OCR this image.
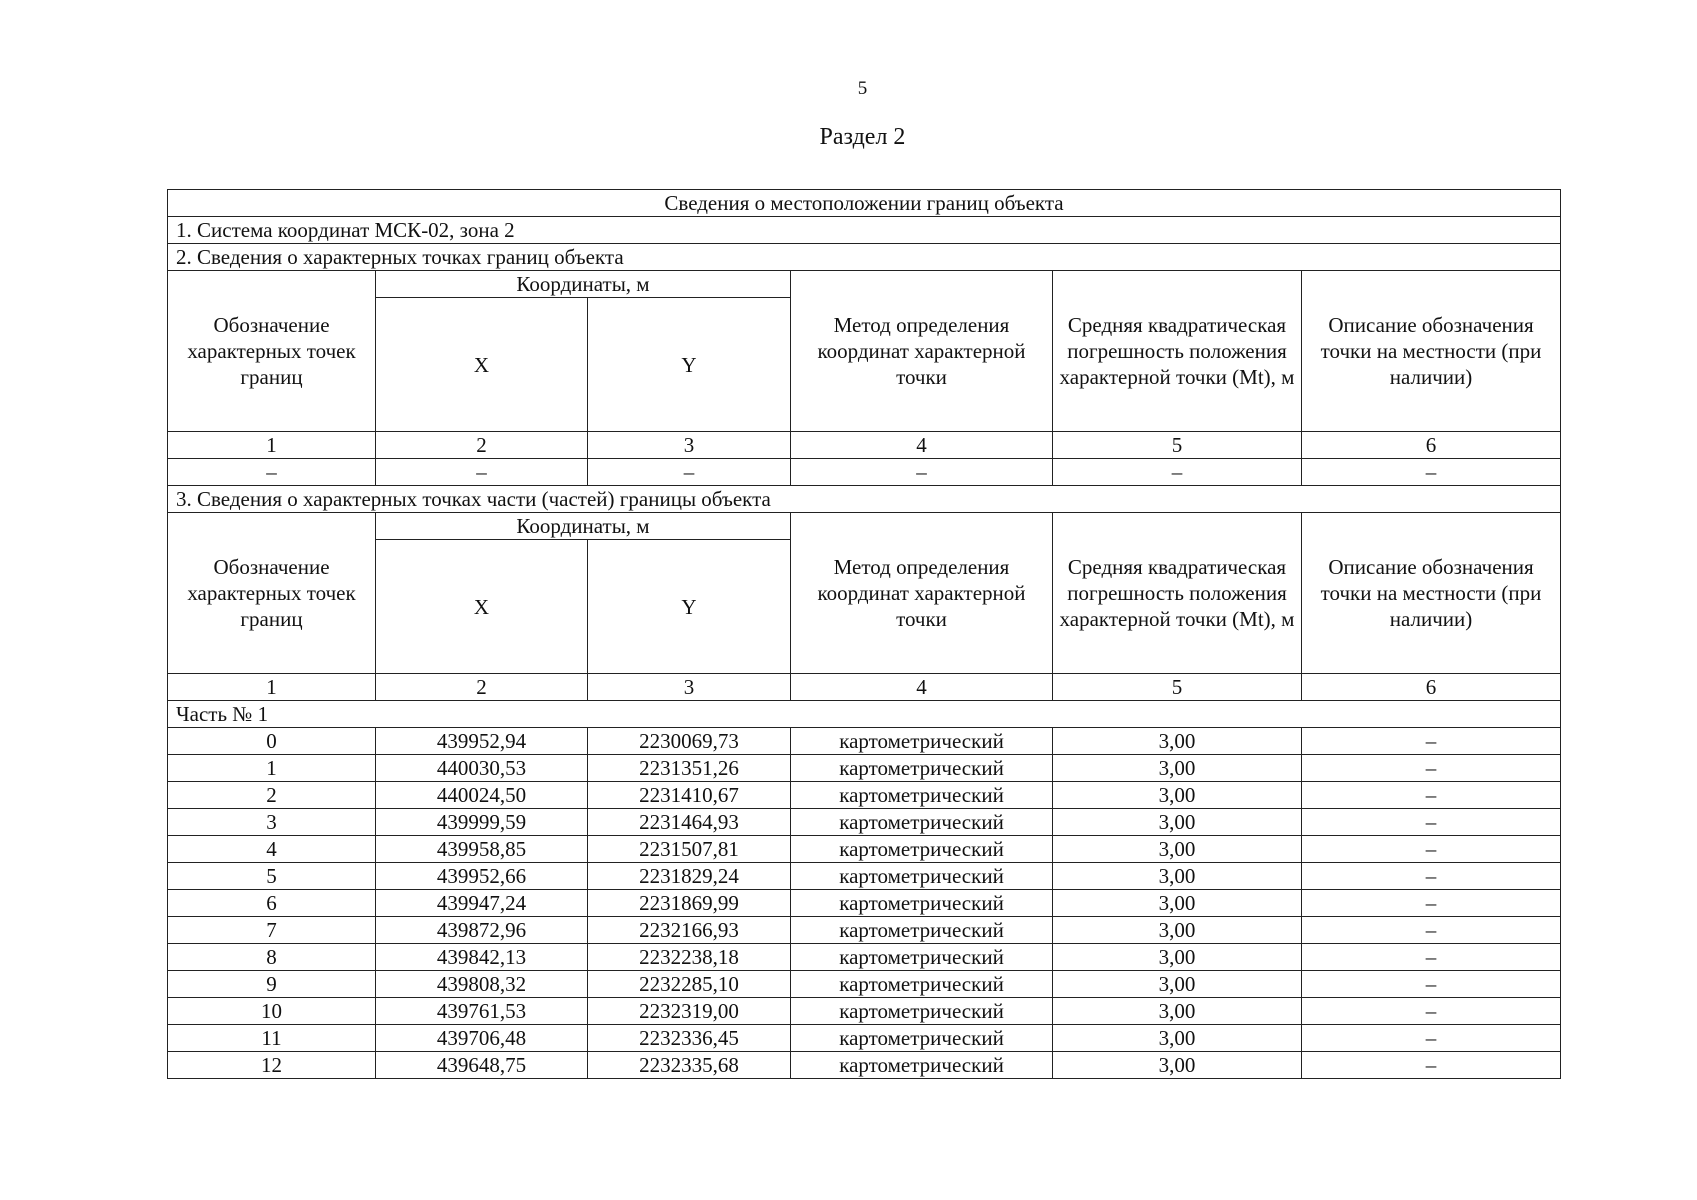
5
Раздел 2
Сведения о местоположении границ объекта					
1. Система координат МСК-02, зона 2					
2. Сведения о характерных точках границ объекта					
Обозначение характерных точек границ	Координаты, м		Метод определения координат характерной точки	Средняя квадратическая погрешность положения характерной точки (Mt), м	Описание обозначения точки на местности (при наличии)
	X	Y			
1	2	3	4	5	6
–	–	–	–	–	–
3. Сведения о характерных точках части (частей) границы объекта					
Обозначение характерных точек границ	Координаты, м		Метод определения координат характерной точки	Средняя квадратическая погрешность положения характерной точки (Mt), м	Описание обозначения точки на местности (при наличии)
	X	Y			
1	2	3	4	5	6
Часть № 1					
0	439952,94	2230069,73	картометрический	3,00	–
1	440030,53	2231351,26	картометрический	3,00	–
2	440024,50	2231410,67	картометрический	3,00	–
3	439999,59	2231464,93	картометрический	3,00	–
4	439958,85	2231507,81	картометрический	3,00	–
5	439952,66	2231829,24	картометрический	3,00	–
6	439947,24	2231869,99	картометрический	3,00	–
7	439872,96	2232166,93	картометрический	3,00	–
8	439842,13	2232238,18	картометрический	3,00	–
9	439808,32	2232285,10	картометрический	3,00	–
10	439761,53	2232319,00	картометрический	3,00	–
11	439706,48	2232336,45	картометрический	3,00	–
12	439648,75	2232335,68	картометрический	3,00	–
